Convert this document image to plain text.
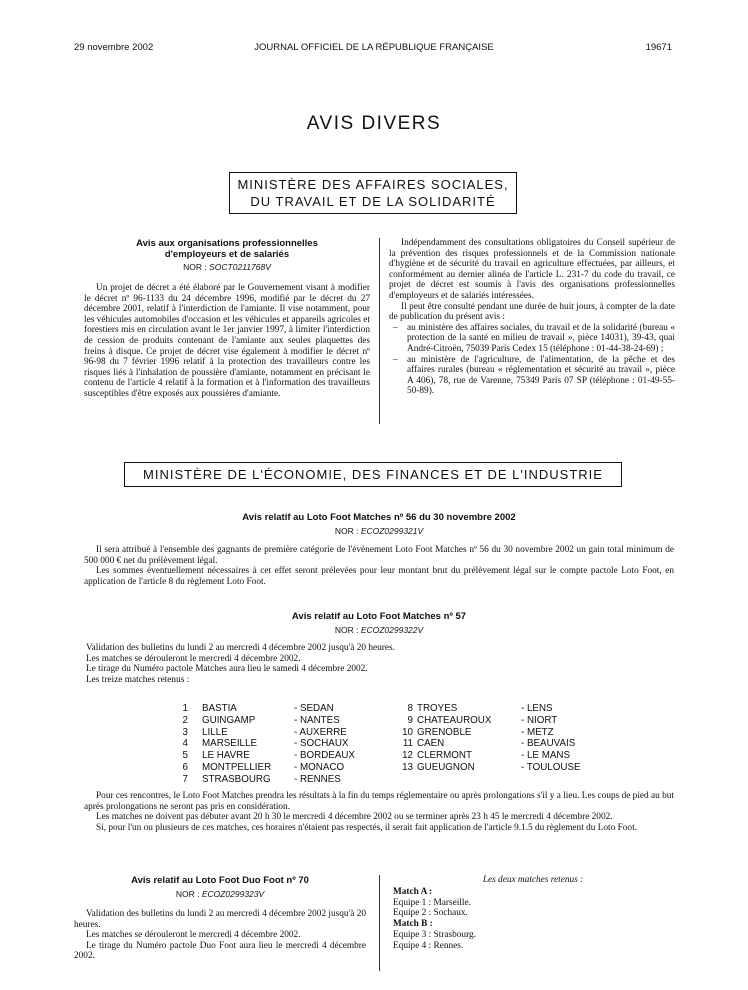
29 novembre 2002	JOURNAL OFFICIEL DE LA RÉPUBLIQUE FRANÇAISE	19671
AVIS DIVERS
MINISTÈRE DES AFFAIRES SOCIALES,
DU TRAVAIL ET DE LA SOLIDARITÉ
Avis aux organisations professionnelles
d'employeurs et de salariés
NOR : SOCT0211768V

Un projet de décret a été élaboré par le Gouvernement visant à modifier le décret nº 96-1133 du 24 décembre 1996, modifié par le décret du 27 décembre 2001, relatif à l'interdiction de l'amiante. Il vise notamment, pour les véhicules automobiles d'occasion et les véhicules et appareils agricoles et forestiers mis en circulation avant le 1er janvier 1997, à limiter l'interdiction de cession de produits contenant de l'amiante aux seules plaquettes des freins à disque. Ce projet de décret vise également à modifier le décret nº 96-98 du 7 février 1996 relatif à la protection des travailleurs contre les risques liés à l'inhalation de poussière d'amiante, notamment en précisant le contenu de l'article 4 relatif à la formation et à l'information des travailleurs susceptibles d'être exposés aux poussières d'amiante.

Indépendamment des consultations obligatoires du Conseil supérieur de la prévention des risques professionnels et de la Commission nationale d'hygiène et de sécurité du travail en agriculture effectuées, par ailleurs, et conformément au dernier alinéa de l'article L. 231-7 du code du travail, ce projet de décret est soumis à l'avis des organisations professionnelles d'employeurs et de salariés intéressées.

Il peut être consulté pendant une durée de huit jours, à compter de la date de publication du présent avis :

– au ministère des affaires sociales, du travail et de la solidarité (bureau « protection de la santé en milieu de travail », pièce 14031), 39-43, quai André-Citroën, 75039 Paris Cedex 15 (téléphone : 01-44-38-24-69) ;
– au ministère de l'agriculture, de l'alimentation, de la pêche et des affaires rurales (bureau « réglementation et sécurité au travail », pièce A 406), 78, rue de Varenne, 75349 Paris 07 SP (téléphone : 01-49-55-50-89).
MINISTÈRE DE L'ÉCONOMIE, DES FINANCES ET DE L'INDUSTRIE
Avis relatif au Loto Foot Matches nº 56 du 30 novembre 2002
NOR : ECOZ0299321V

Il sera attribué à l'ensemble des gagnants de première catégorie de l'événement Loto Foot Matches nº 56 du 30 novembre 2002 un gain total minimum de 500 000 € net du prélèvement légal.

Les sommes éventuellement nécessaires à cet effet seront prélevées pour leur montant brut du prélèvement légal sur le compte pactole Loto Foot, en application de l'article 8 du règlement Loto Foot.

Avis relatif au Loto Foot Matches nº 57
NOR : ECOZ0299322V

Validation des bulletins du lundi 2 au mercredi 4 décembre 2002 jusqu'à 20 heures.

Les matches se dérouleront le mercredi 4 décembre 2002.

Le tirage du Numéro pactole Matches aura lieu le samedi 4 décembre 2002.

Les treize matches retenus :

1	BASTIA	- SEDAN
2	GUINGAMP	- NANTES
3	LILLE	- AUXERRE
4	MARSEILLE	- SOCHAUX
5	LE HAVRE	- BORDEAUX
6	MONTPELLIER	- MONACO
7	STRASBOURG	- RENNES
8	TROYES	- LENS
9	CHATEAUROUX	- NIORT
10	GRENOBLE	- METZ
11	CAEN	- BEAUVAIS
12	CLERMONT	- LE MANS
13	GUEUGNON	- TOULOUSE

Pour ces rencontres, le Loto Foot Matches prendra les résultats à la fin du temps réglementaire ou après prolongations s'il y a lieu. Les coups de pied au but après prolongations ne seront pas pris en considération.

Les matches ne doivent pas débuter avant 20 h 30 le mercredi 4 décembre 2002 ou se terminer après 23 h 45 le mercredi 4 décembre 2002.

Si, pour l'un ou plusieurs de ces matches, ces horaires n'étaient pas respectés, il serait fait application de l'article 9.1.5 du règlement du Loto Foot.

Avis relatif au Loto Foot Duo Foot nº 70
NOR : ECOZ0299323V

Validation des bulletins du lundi 2 au mercredi 4 décembre 2002 jusqu'à 20 heures.

Les matches se dérouleront le mercredi 4 décembre 2002.

Le tirage du Numéro pactole Duo Foot aura lieu le mercredi 4 décembre 2002.

Les deux matches retenus :
Match A :
Equipe 1 : Marseille.
Equipe 2 : Sochaux.
Match B :
Equipe 3 : Strasbourg.
Equipe 4 : Rennes.
